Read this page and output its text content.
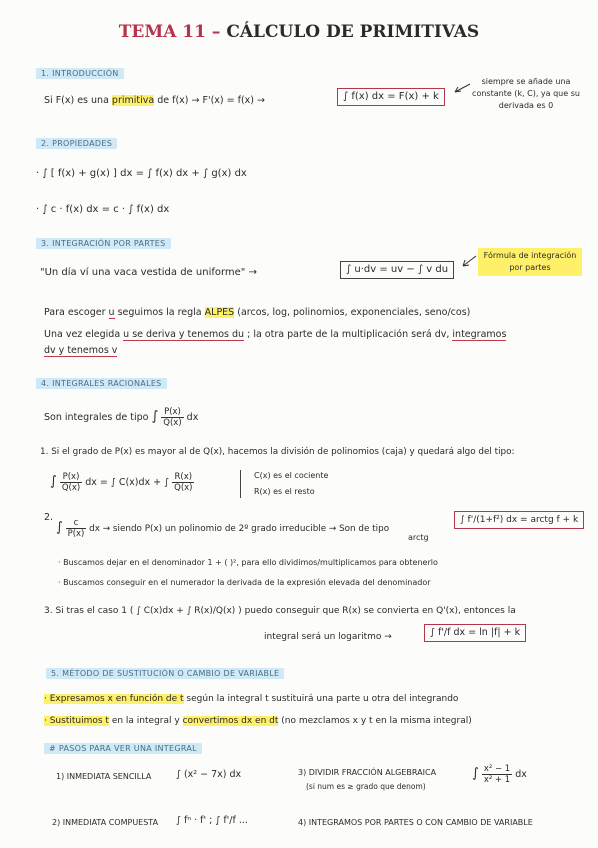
TEMA 11 – CÁLCULO DE PRIMITIVAS
1. INTRODUCCIÓN
Si F(x) es una primitiva de f(x) → F'(x) = f(x) →	∫ f(x) dx = F(x) + k
siempre se añade una constante (k, C), ya que su derivada es 0
2. PROPIEDADES
· ∫ [ f(x) + g(x) ] dx = ∫ f(x) dx + ∫ g(x) dx
· ∫ c · f(x) dx = c · ∫ f(x) dx
3. INTEGRACIÓN POR PARTES
"Un día ví una vaca vestida de uniforme" →	∫ u·dv = uv − ∫ v du
Fórmula de integración por partes
Para escoger u seguimos la regla ALPES (arcos, log, polinomios, exponenciales, seno/cos)
Una vez elegida u se deriva y tenemos du ; la otra parte de la multiplicación será dv, integramos
dv y tenemos v
4. INTEGRALES RACIONALES
Son integrales de tipo ∫ $\frac{P(x)}{Q(x)}$ dx
1. Si el grado de P(x) es mayor al de Q(x), hacemos la división de polinomios (caja) y quedará algo del tipo:
∫ $\frac{P(x)}{Q(x)}$ dx = ∫ C(x)dx + ∫ $\frac{R(x)}{Q(x)}$	C(x) es el cociente
R(x) es el resto
2.
∫ $\frac{c}{P(x)}$ dx → siendo P(x) un polinomio de 2º grado irreducible → Son de tipo
arctg
∫ f'/(1+f²) dx = arctg f + k
· Buscamos dejar en el denominador 1 + ( )², para ello dividimos/multiplicamos para obtenerlo
· Buscamos conseguir en el numerador la derivada de la expresión elevada del denominador
3. Si tras el caso 1 ( ∫ C(x)dx + ∫ R(x)/Q(x) ) puedo conseguir que R(x) se convierta en Q'(x), entonces la
integral será un logaritmo →	∫ f'/f dx = ln |f| + k
5. MÉTODO DE SUSTITUCIÓN O CAMBIO DE VARIABLE
· Expresamos x en función de t según la integral t sustituirá una parte u otra del integrando
· Sustituimos t en la integral y convertimos dx en dt (no mezclamos x y t en la misma integral)
# PASOS PARA VER UNA INTEGRAL
1) INMEDIATA SENCILLA	∫ (x² − 7x) dx	3) DIVIDIR FRACCIÓN ALGEBRAICA
(si num es ≥ grado que denom)
∫ $\frac{\text{x² − 1}}{\text{x² + 1}}$ dx
2) INMEDIATA COMPUESTA ∫ fⁿ · f' ; ∫ f'/f ...	4) INTEGRAMOS POR PARTES O CON CAMBIO DE VARIABLE
